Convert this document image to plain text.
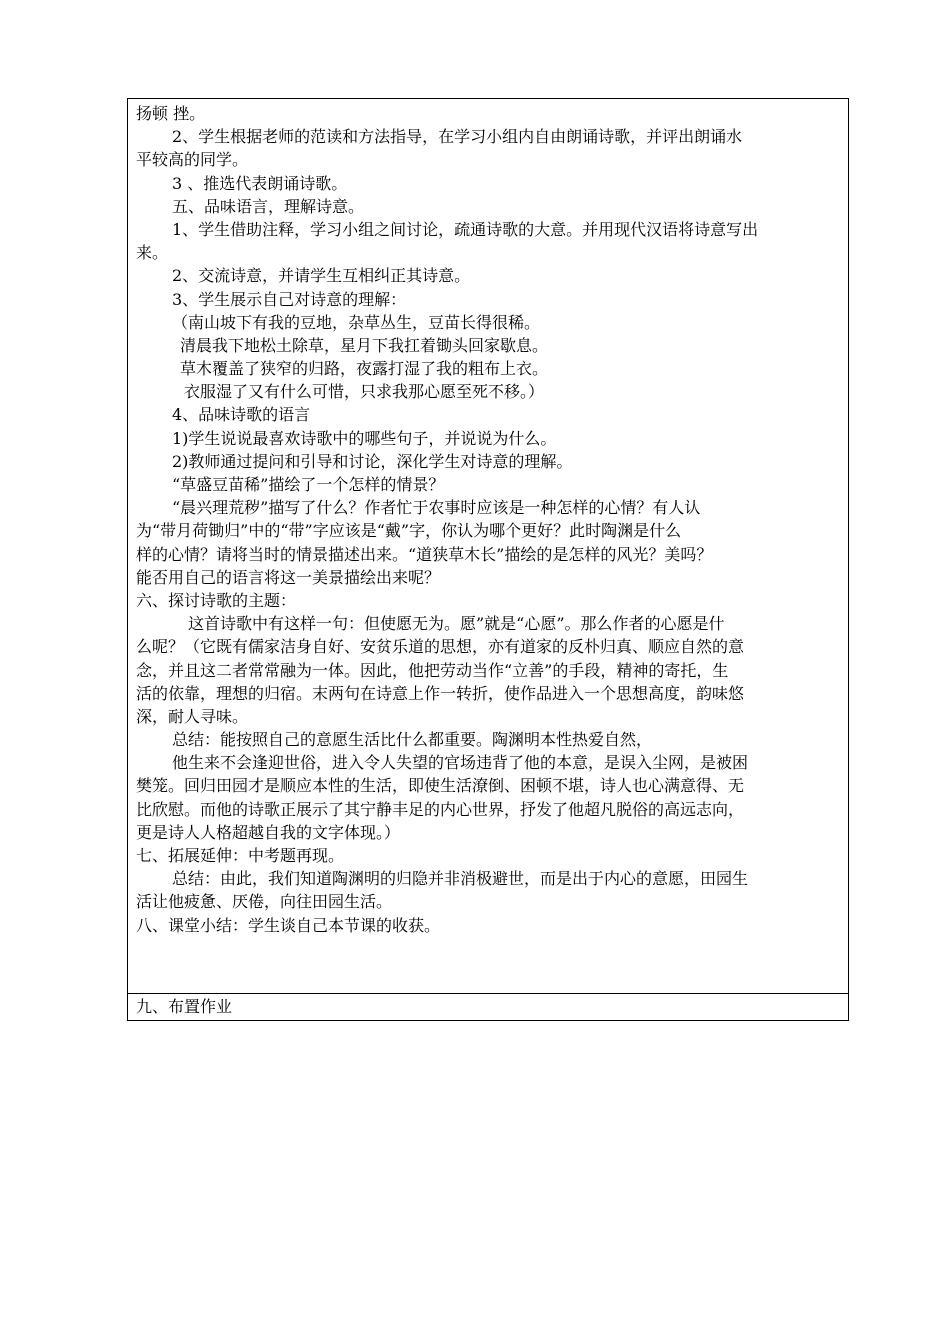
扬顿 挫。
2、学生根据老师的范读和方法指导，在学习小组内自由朗诵诗歌，并评出朗诵水
平较高的同学。
3 、推选代表朗诵诗歌。
五、品味语言，理解诗意。
1、学生借助注释，学习小组之间讨论，疏通诗歌的大意。并用现代汉语将诗意写出
来。
2、交流诗意，并请学生互相纠正其诗意。
3、学生展示自己对诗意的理解：
（南山坡下有我的豆地，杂草丛生，豆苗长得很稀。
清晨我下地松土除草，星月下我扛着锄头回家歇息。
草木覆盖了狭窄的归路，夜露打湿了我的粗布上衣。
衣服湿了又有什么可惜，只求我那心愿至死不移。）
4、品味诗歌的语言
1)学生说说最喜欢诗歌中的哪些句子，并说说为什么。
2)教师通过提问和引导和讨论，深化学生对诗意的理解。
“草盛豆苗稀”描绘了一个怎样的情景？
“晨兴理荒秽”描写了什么？作者忙于农事时应该是一种怎样的心情？有人认
为“带月荷锄归”中的“带”字应该是“戴”字，你认为哪个更好？此时陶渊是什么
样的心情？请将当时的情景描述出来。“道狭草木长”描绘的是怎样的风光？美吗？
能否用自己的语言将这一美景描绘出来呢？
六、探讨诗歌的主题：
这首诗歌中有这样一句：但使愿无为。愿”就是“心愿”。那么作者的心愿是什
么呢？（它既有儒家洁身自好、安贫乐道的思想，亦有道家的反朴归真、顺应自然的意
念，并且这二者常常融为一体。因此，他把劳动当作“立善”的手段，精神的寄托，生
活的依靠，理想的归宿。末两句在诗意上作一转折，使作品进入一个思想高度，韵味悠
深，耐人寻味。
总结：能按照自己的意愿生活比什么都重要。陶渊明本性热爱自然，
他生来不会逢迎世俗，进入令人失望的官场违背了他的本意，是误入尘网，是被困
樊笼。回归田园才是顺应本性的生活，即使生活潦倒、困顿不堪，诗人也心满意得、无
比欣慰。而他的诗歌正展示了其宁静丰足的内心世界，抒发了他超凡脱俗的高远志向，
更是诗人人格超越自我的文字体现。）
七、拓展延伸：中考题再现。
总结：由此，我们知道陶渊明的归隐并非消极避世，而是出于内心的意愿，田园生
活让他疲惫、厌倦，向往田园生活。
八、课堂小结：学生谈自己本节课的收获。
九、布置作业
